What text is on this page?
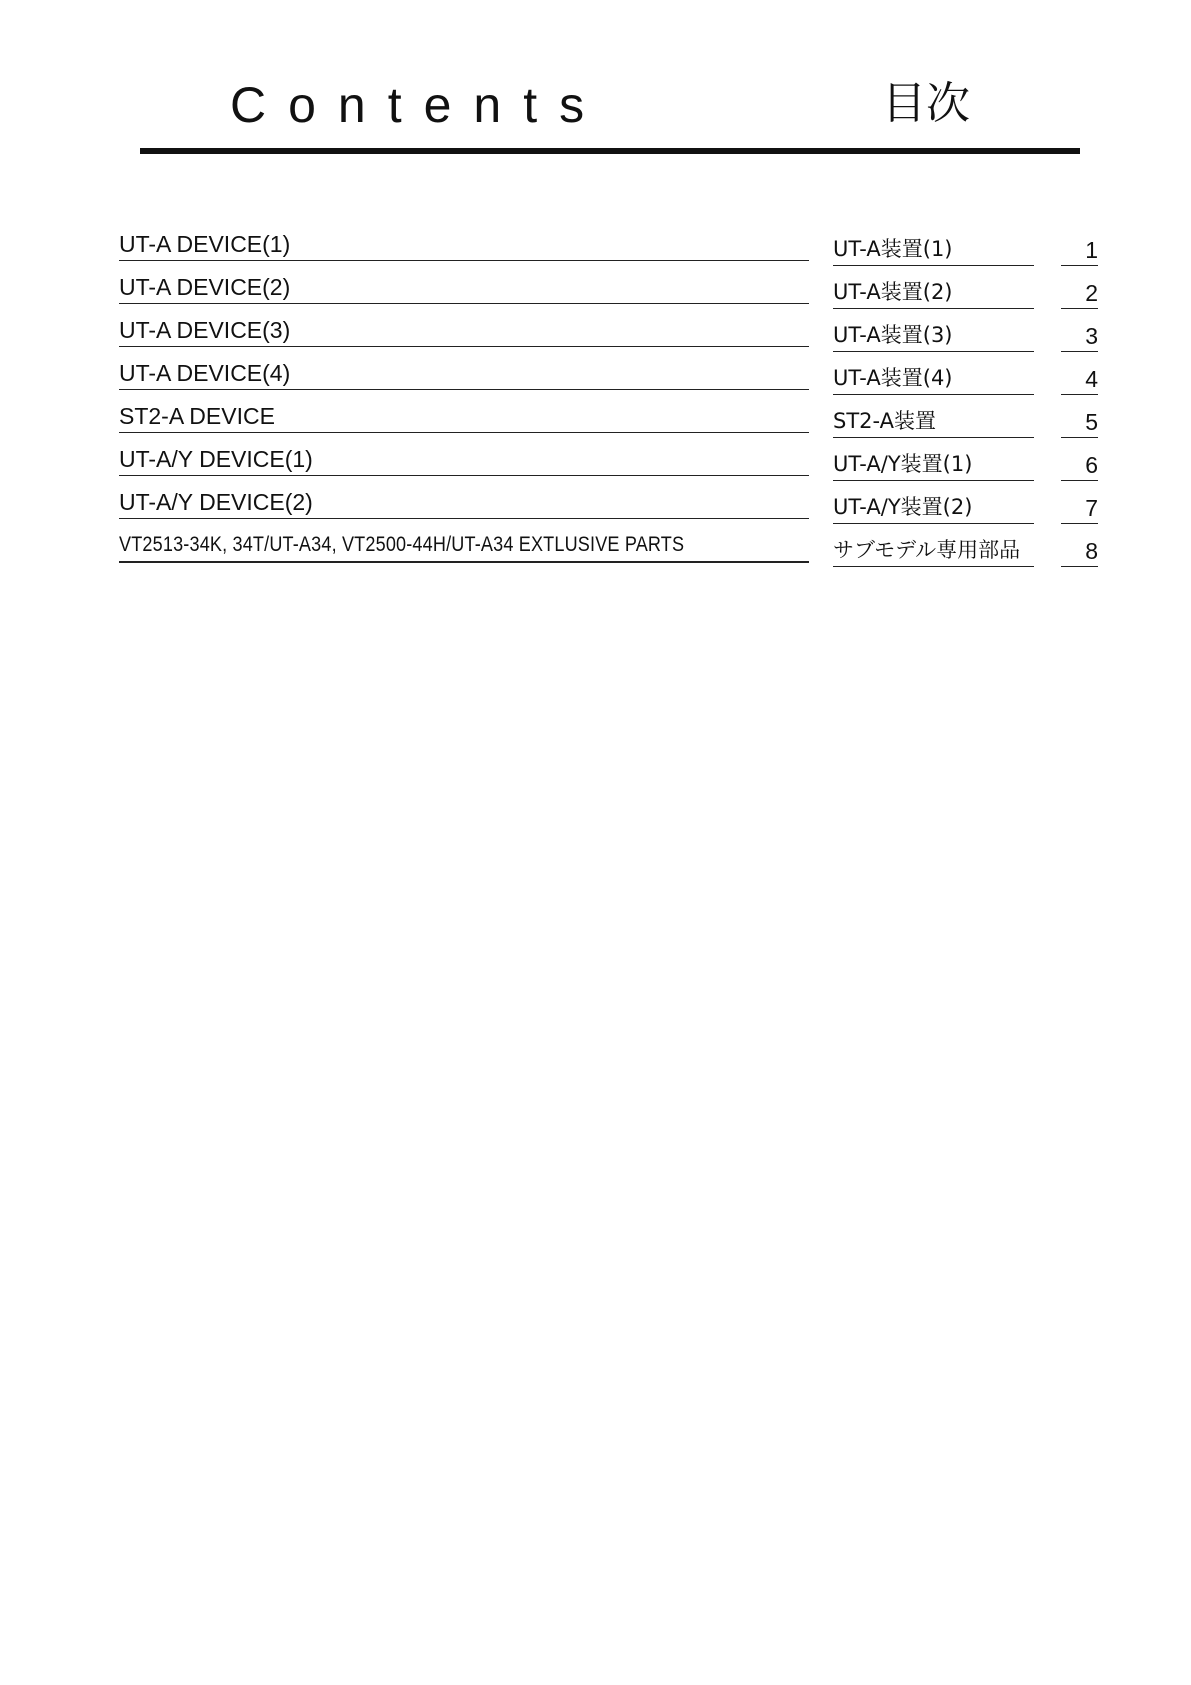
Contents	目次
UT-A DEVICE(1)	UT-A装置(1)	1
UT-A DEVICE(2)	UT-A装置(2)	2
UT-A DEVICE(3)	UT-A装置(3)	3
UT-A DEVICE(4)	UT-A装置(4)	4
ST2-A DEVICE	ST2-A装置	5
UT-A/Y DEVICE(1)	UT-A/Y装置(1)	6
UT-A/Y DEVICE(2)	UT-A/Y装置(2)	7
VT2513-34K, 34T/UT-A34, VT2500-44H/UT-A34 EXTLUSIVE PARTS	サブモデル専用部品	8
